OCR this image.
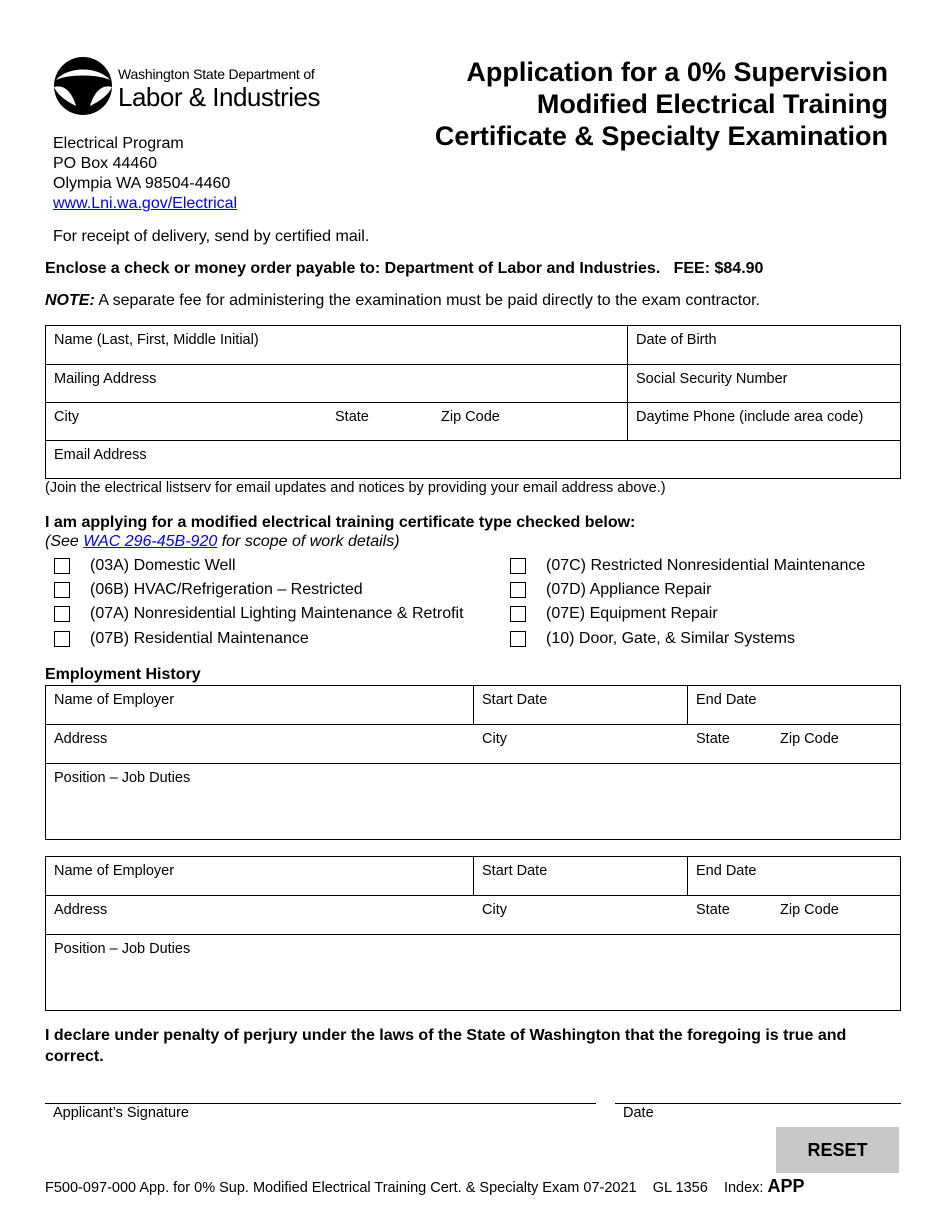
Washington State Department of
Labor & Industries
Application for a 0% Supervision
Modified Electrical Training
Certificate & Specialty Examination
Electrical Program
PO Box 44460
Olympia WA 98504-4460
www.Lni.wa.gov/Electrical
For receipt of delivery, send by certified mail.
Enclose a check or money order payable to: Department of Labor and Industries. FEE: $84.90
NOTE: A separate fee for administering the examination must be paid directly to the exam contractor.
Name (Last, First, Middle Initial)	Date of Birth
Mailing Address	Social Security Number
City	State	Zip Code	Daytime Phone (include area code)
Email Address
(Join the electrical listserv for email updates and notices by providing your email address above.)
I am applying for a modified electrical training certificate type checked below:
(See WAC 296-45B-920 for scope of work details)
(03A) Domestic Well
(06B) HVAC/Refrigeration – Restricted
(07A) Nonresidential Lighting Maintenance & Retrofit
(07B) Residential Maintenance
(07C) Restricted Nonresidential Maintenance
(07D) Appliance Repair
(07E) Equipment Repair
(10) Door, Gate, & Similar Systems
Employment History
Name of Employer	Start Date	End Date
Address	City	State	Zip Code
Position – Job Duties
Name of Employer	Start Date	End Date
Address	City	State	Zip Code
Position – Job Duties
I declare under penalty of perjury under the laws of the State of Washington that the foregoing is true and correct.
Applicant’s Signature	Date
RESET
F500-097-000 App. for 0% Sup. Modified Electrical Training Cert. & Specialty Exam 07-2021 GL 1356 Index: APP
